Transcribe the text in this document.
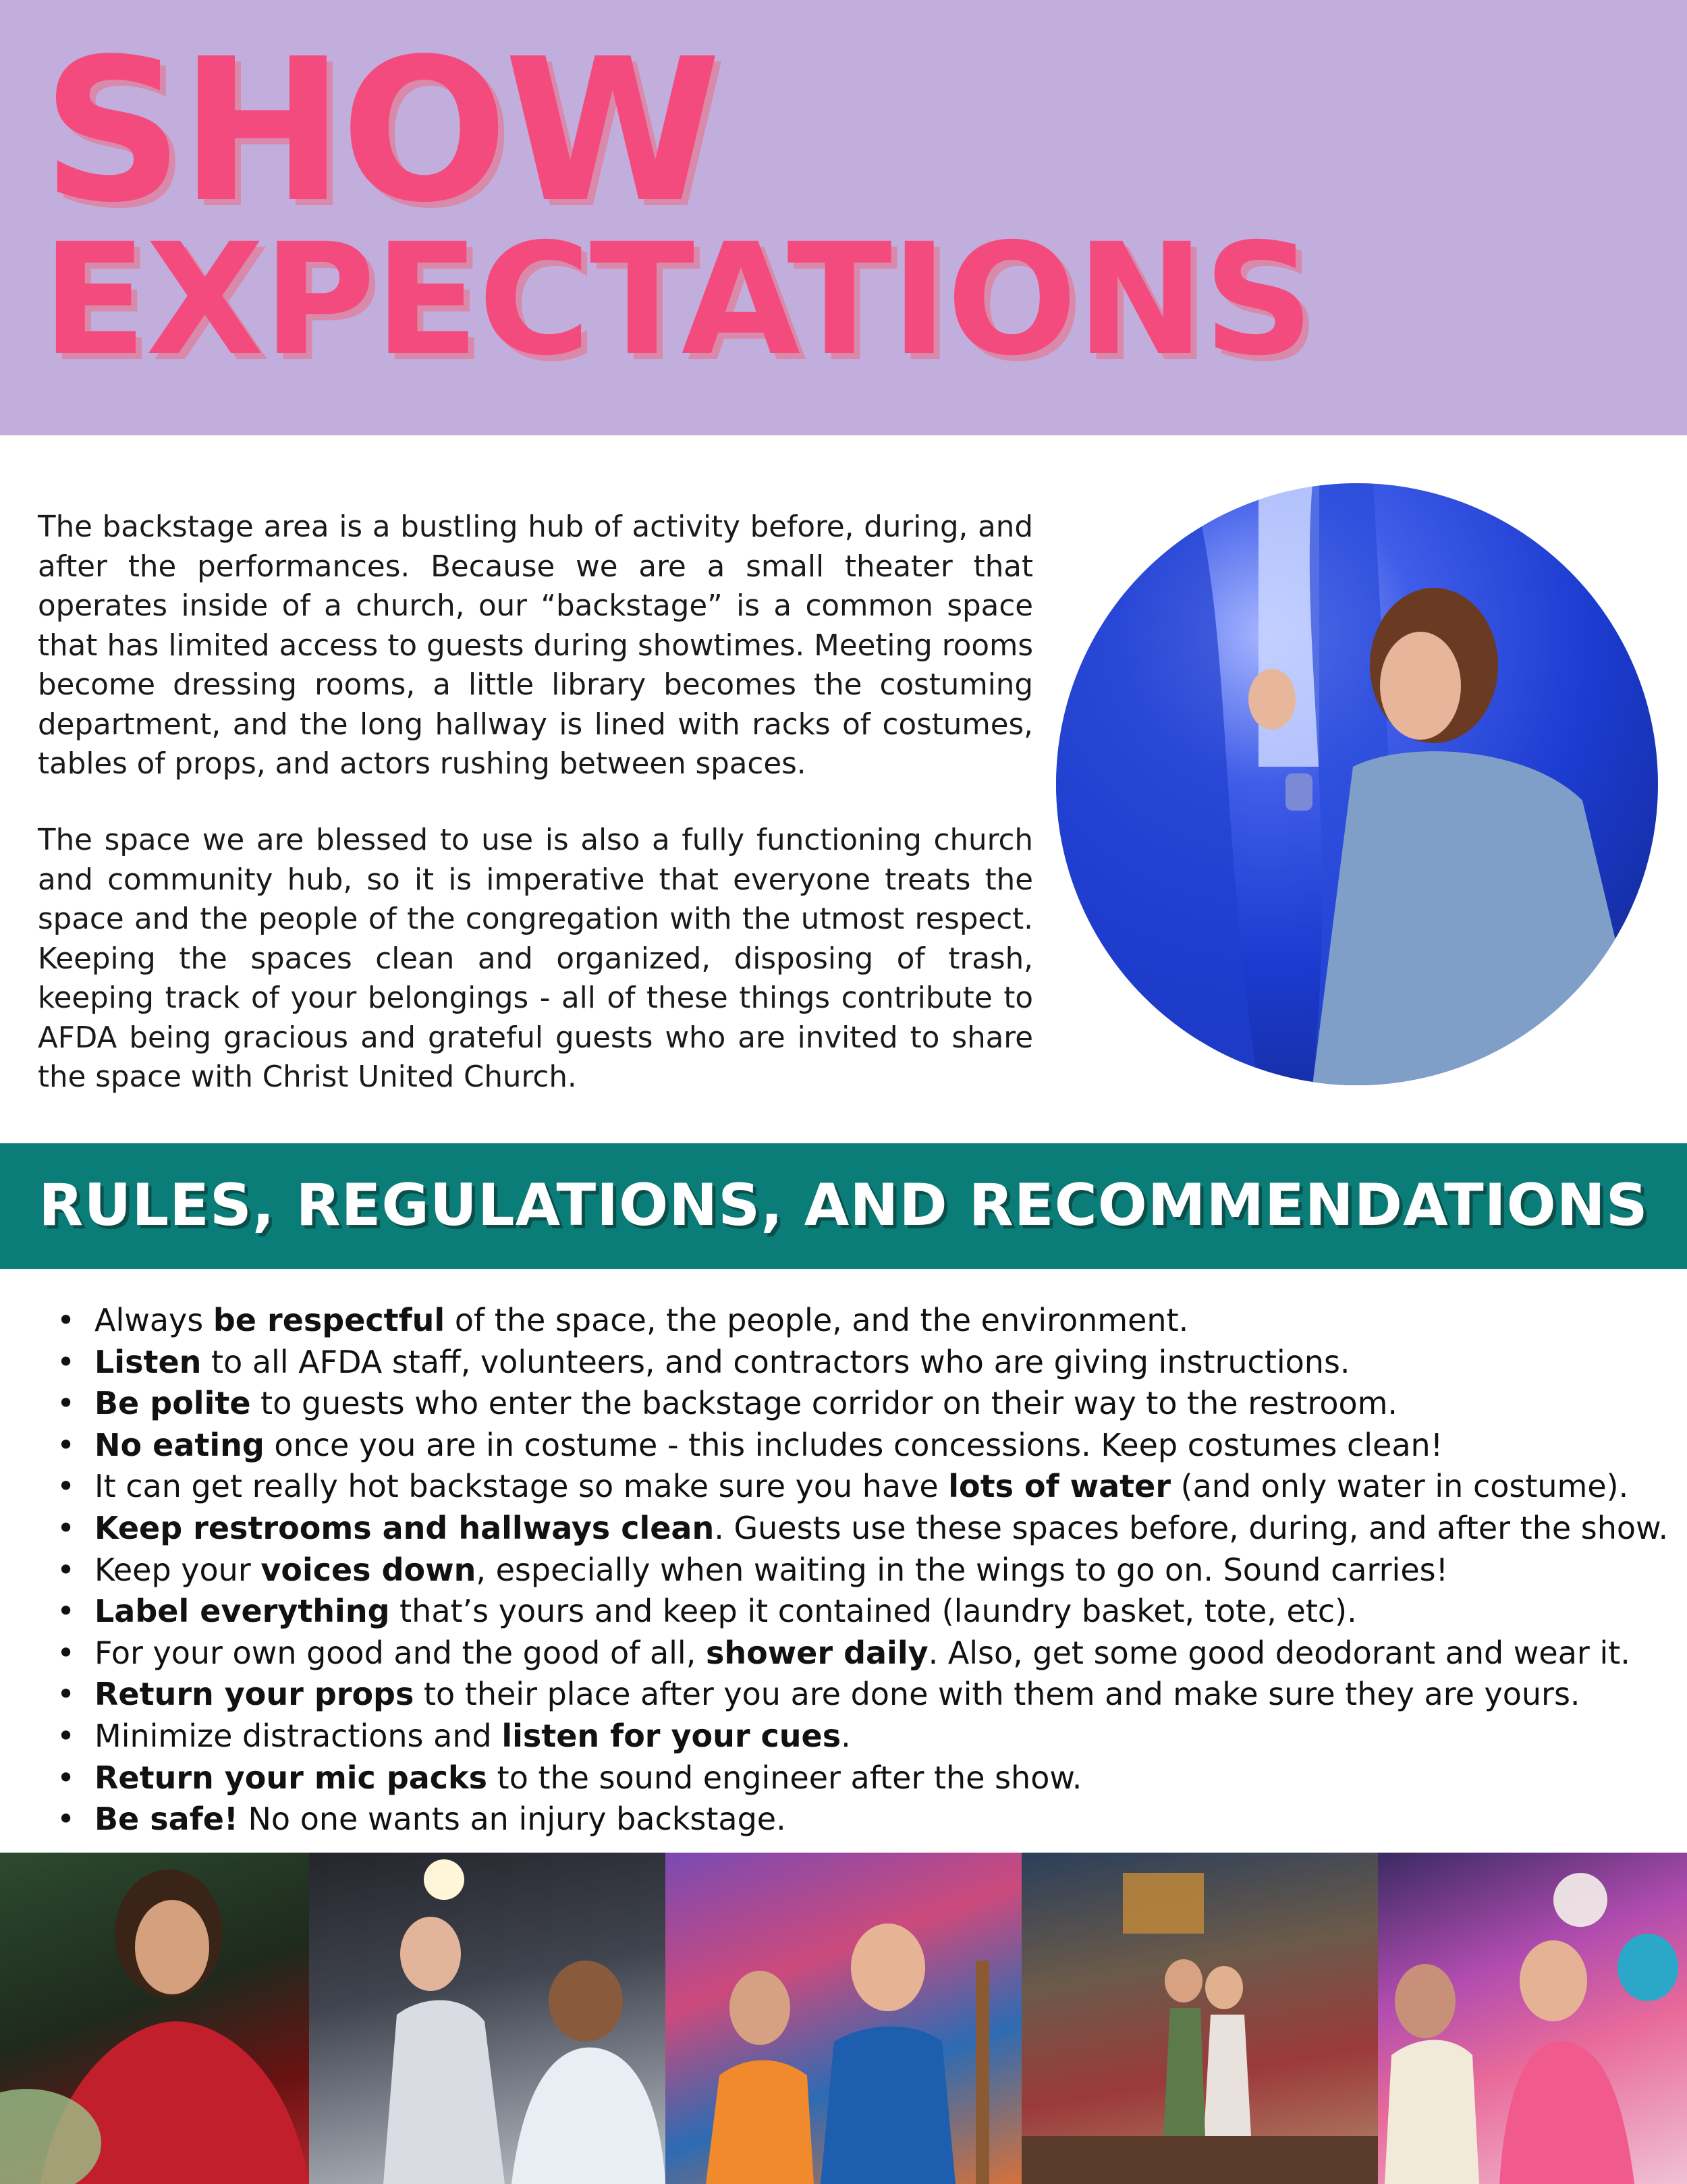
SHOW
EXPECTATIONS

The backstage area is a bustling hub of activity before, during, and after the performances. Because we are a small theater that operates inside of a church, our “backstage” is a common space that has limited access to guests during showtimes. Meeting rooms become dressing rooms, a little library becomes the costuming department, and the long hallway is lined with racks of costumes, tables of props, and actors rushing between spaces.

The space we are blessed to use is also a fully functioning church and community hub, so it is imperative that everyone treats the space and the people of the congregation with the utmost respect. Keeping the spaces clean and organized, disposing of trash, keeping track of your belongings - all of these things contribute to AFDA being gracious and grateful guests who are invited to share the space with Christ United Church.

RULES, REGULATIONS, AND RECOMMENDATIONS
• Always be respectful of the space, the people, and the environment.
• Listen to all AFDA staff, volunteers, and contractors who are giving instructions.
• Be polite to guests who enter the backstage corridor on their way to the restroom.
• No eating once you are in costume - this includes concessions. Keep costumes clean!
• It can get really hot backstage so make sure you have lots of water (and only water in costume).
• Keep restrooms and hallways clean. Guests use these spaces before, during, and after the show.
• Keep your voices down, especially when waiting in the wings to go on. Sound carries!
• Label everything that’s yours and keep it contained (laundry basket, tote, etc).
• For your own good and the good of all, shower daily. Also, get some good deodorant and wear it.
• Return your props to their place after you are done with them and make sure they are yours.
• Minimize distractions and listen for your cues.
• Return your mic packs to the sound engineer after the show.
• Be safe! No one wants an injury backstage.
